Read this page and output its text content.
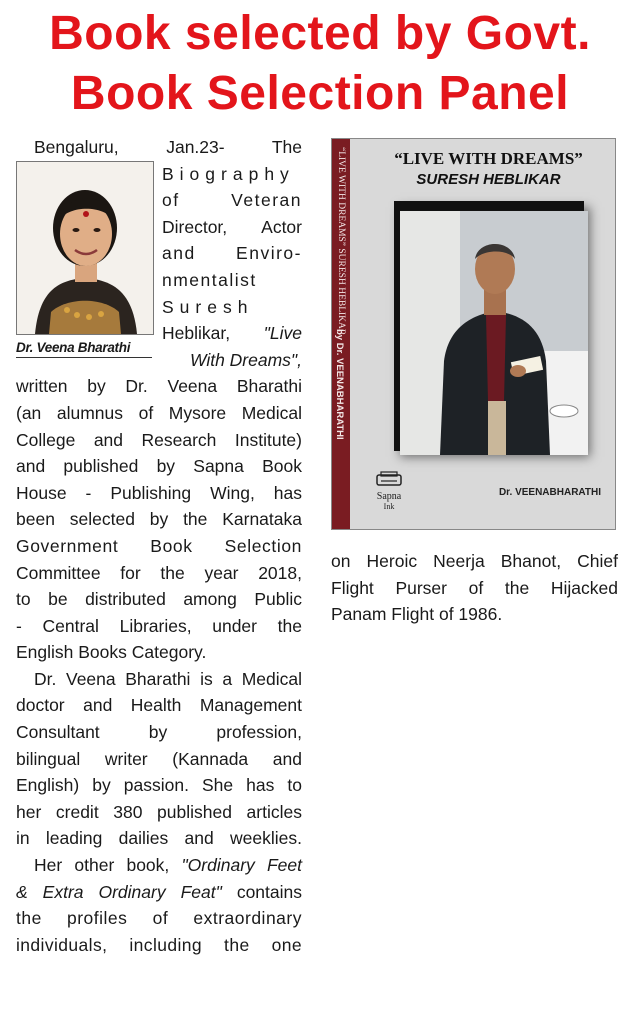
Book selected by Govt.
Book Selection Panel
Bengaluru, Jan.23- The
Dr. Veena Bharathi
Biography
of Veteran
Director, Actor
and Enviro-
nmentalist
Suresh
Heblikar, "Live
With Dreams",
written by Dr. Veena Bharathi
(an alumnus of Mysore Medical
College and Research Institute)
and published by Sapna Book
House - Publishing Wing, has
been selected by the Karnataka
Government Book Selection
Committee for the year 2018,
to be distributed among Public
- Central Libraries, under the
English Books Category.
Dr. Veena Bharathi is a Medical
doctor and Health Management
Consultant by profession,
bilingual writer (Kannada and
English) by passion. She has to
her credit 380 published articles
in leading dailies and weeklies.
Her other book, "Ordinary Feet
& Extra Ordinary Feat" contains
the profiles of extraordinary
individuals, including the one
“LIVE WITH DREAMS” SURESH HEBLIKAR
by Dr. VEENABHARATHI
“LIVE WITH DREAMS”
SURESH HEBLIKAR
Sapna
Ink
Dr. VEENABHARATHI
on Heroic Neerja Bhanot, Chief
Flight Purser of the Hijacked
Panam Flight of 1986.
